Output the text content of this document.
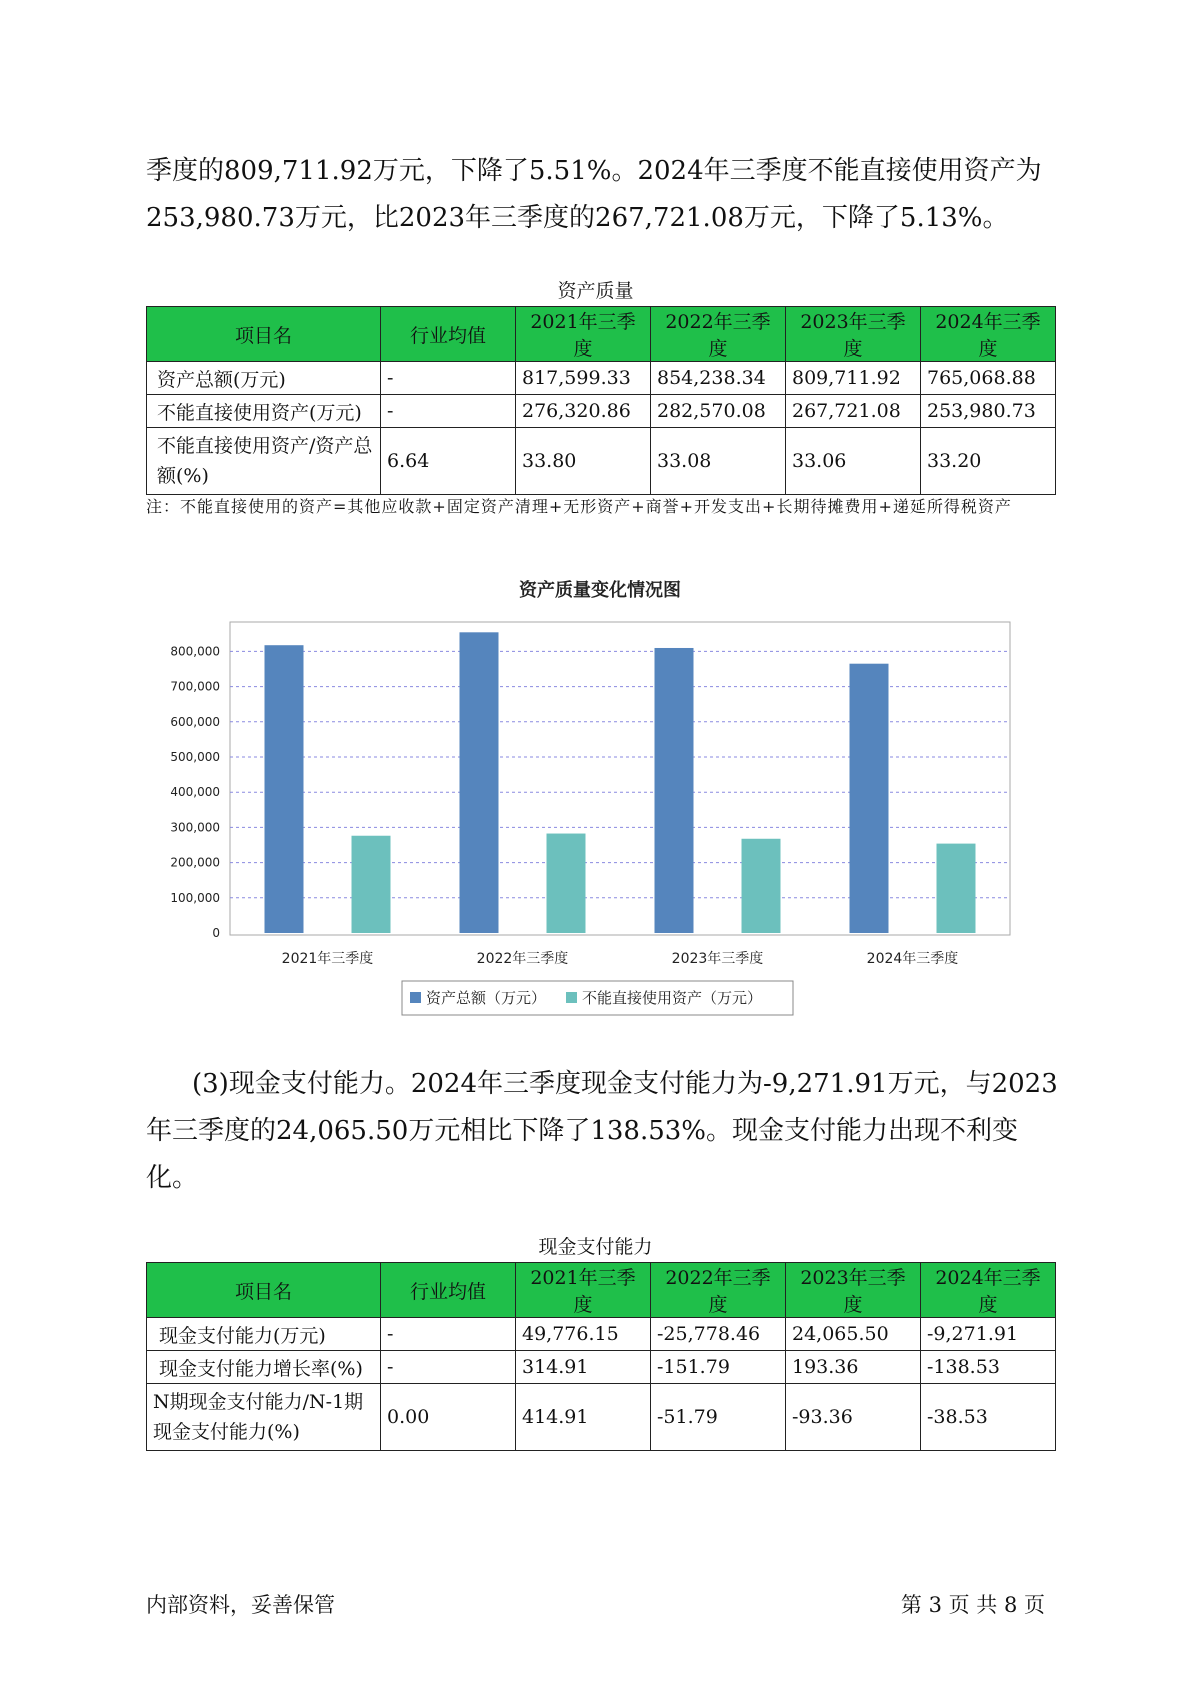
季度的809,711.92万元，下降了5.51%。2024年三季度不能直接使用资产为

253,980.73万元，比2023年三季度的267,721.08万元，下降了5.13%。

资产质量

项目名	行业均值	2021年三季度	2022年三季度	2023年三季度	2024年三季度
资产总额(万元)	-	817,599.33	854,238.34	809,711.92	765,068.88
不能直接使用资产(万元)	-	276,320.86	282,570.08	267,721.08	253,980.73
不能直接使用资产/资产总额(%)	6.64	33.80	33.08	33.06	33.20

注：不能直接使用的资产=其他应收款+固定资产清理+无形资产+商誉+开发支出+长期待摊费用+递延所得税资产

资产质量变化情况图
0
100,000
200,000
300,000
400,000
500,000
600,000
700,000
800,000
2021年三季度	2022年三季度	2023年三季度	2024年三季度
资产总额（万元） 不能直接使用资产（万元）

(3)现金支付能力。2024年三季度现金支付能力为-9,271.91万元，与2023

年三季度的24,065.50万元相比下降了138.53%。现金支付能力出现不利变

化。

现金支付能力

项目名	行业均值	2021年三季度	2022年三季度	2023年三季度	2024年三季度
现金支付能力(万元)	-	49,776.15	-25,778.46	24,065.50	-9,271.91
现金支付能力增长率(%)	-	314.91	-151.79	193.36	-138.53
N期现金支付能力/N-1期现金支付能力(%)	0.00	414.91	-51.79	-93.36	-38.53

内部资料，妥善保管	第 3 页 共 8 页
